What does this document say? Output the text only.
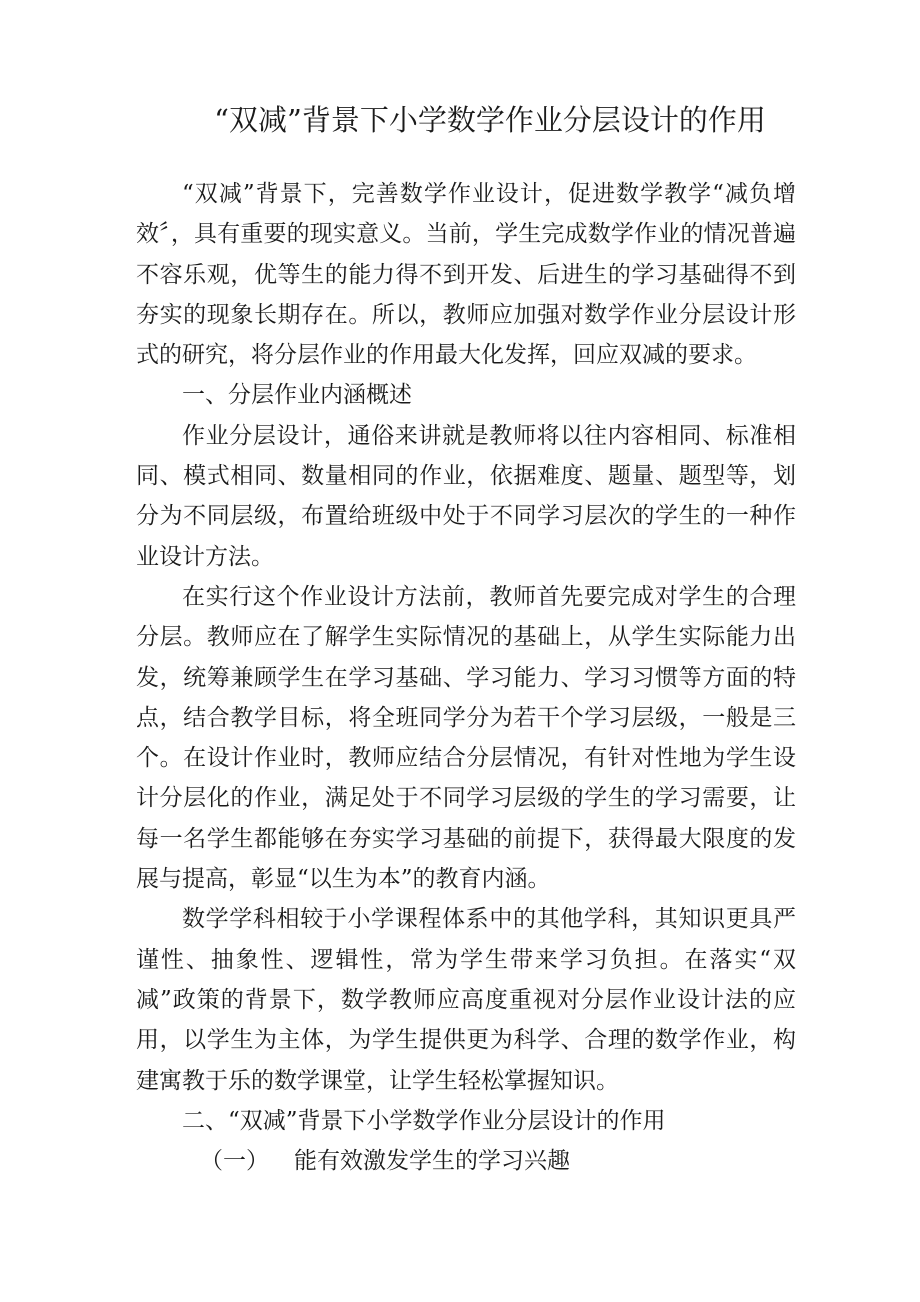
“双减”背景下小学数学作业分层设计的作用

“双减”背景下，完善数学作业设计，促进数学教学“减负增效〞，具有重要的现实意义。当前，学生完成数学作业的情况普遍不容乐观，优等生的能力得不到开发、后进生的学习基础得不到夯实的现象长期存在。所以，教师应加强对数学作业分层设计形式的研究，将分层作业的作用最大化发挥，回应双减的要求。

一、分层作业内涵概述

作业分层设计，通俗来讲就是教师将以往内容相同、标准相同、模式相同、数量相同的作业，依据难度、题量、题型等，划分为不同层级，布置给班级中处于不同学习层次的学生的一种作业设计方法。

在实行这个作业设计方法前，教师首先要完成对学生的合理分层。教师应在了解学生实际情况的基础上，从学生实际能力出发，统筹兼顾学生在学习基础、学习能力、学习习惯等方面的特点，结合教学目标，将全班同学分为若干个学习层级，一般是三个。在设计作业时，教师应结合分层情况，有针对性地为学生设计分层化的作业，满足处于不同学习层级的学生的学习需要，让每一名学生都能够在夯实学习基础的前提下，获得最大限度的发展与提高，彰显“以生为本”的教育内涵。

数学学科相较于小学课程体系中的其他学科，其知识更具严谨性、抽象性、逻辑性，常为学生带来学习负担。在落实“双减”政策的背景下，数学教师应高度重视对分层作业设计法的应用，以学生为主体，为学生提供更为科学、合理的数学作业，构建寓教于乐的数学课堂，让学生轻松掌握知识。

二、“双减”背景下小学数学作业分层设计的作用

（一） 能有效激发学生的学习兴趣
